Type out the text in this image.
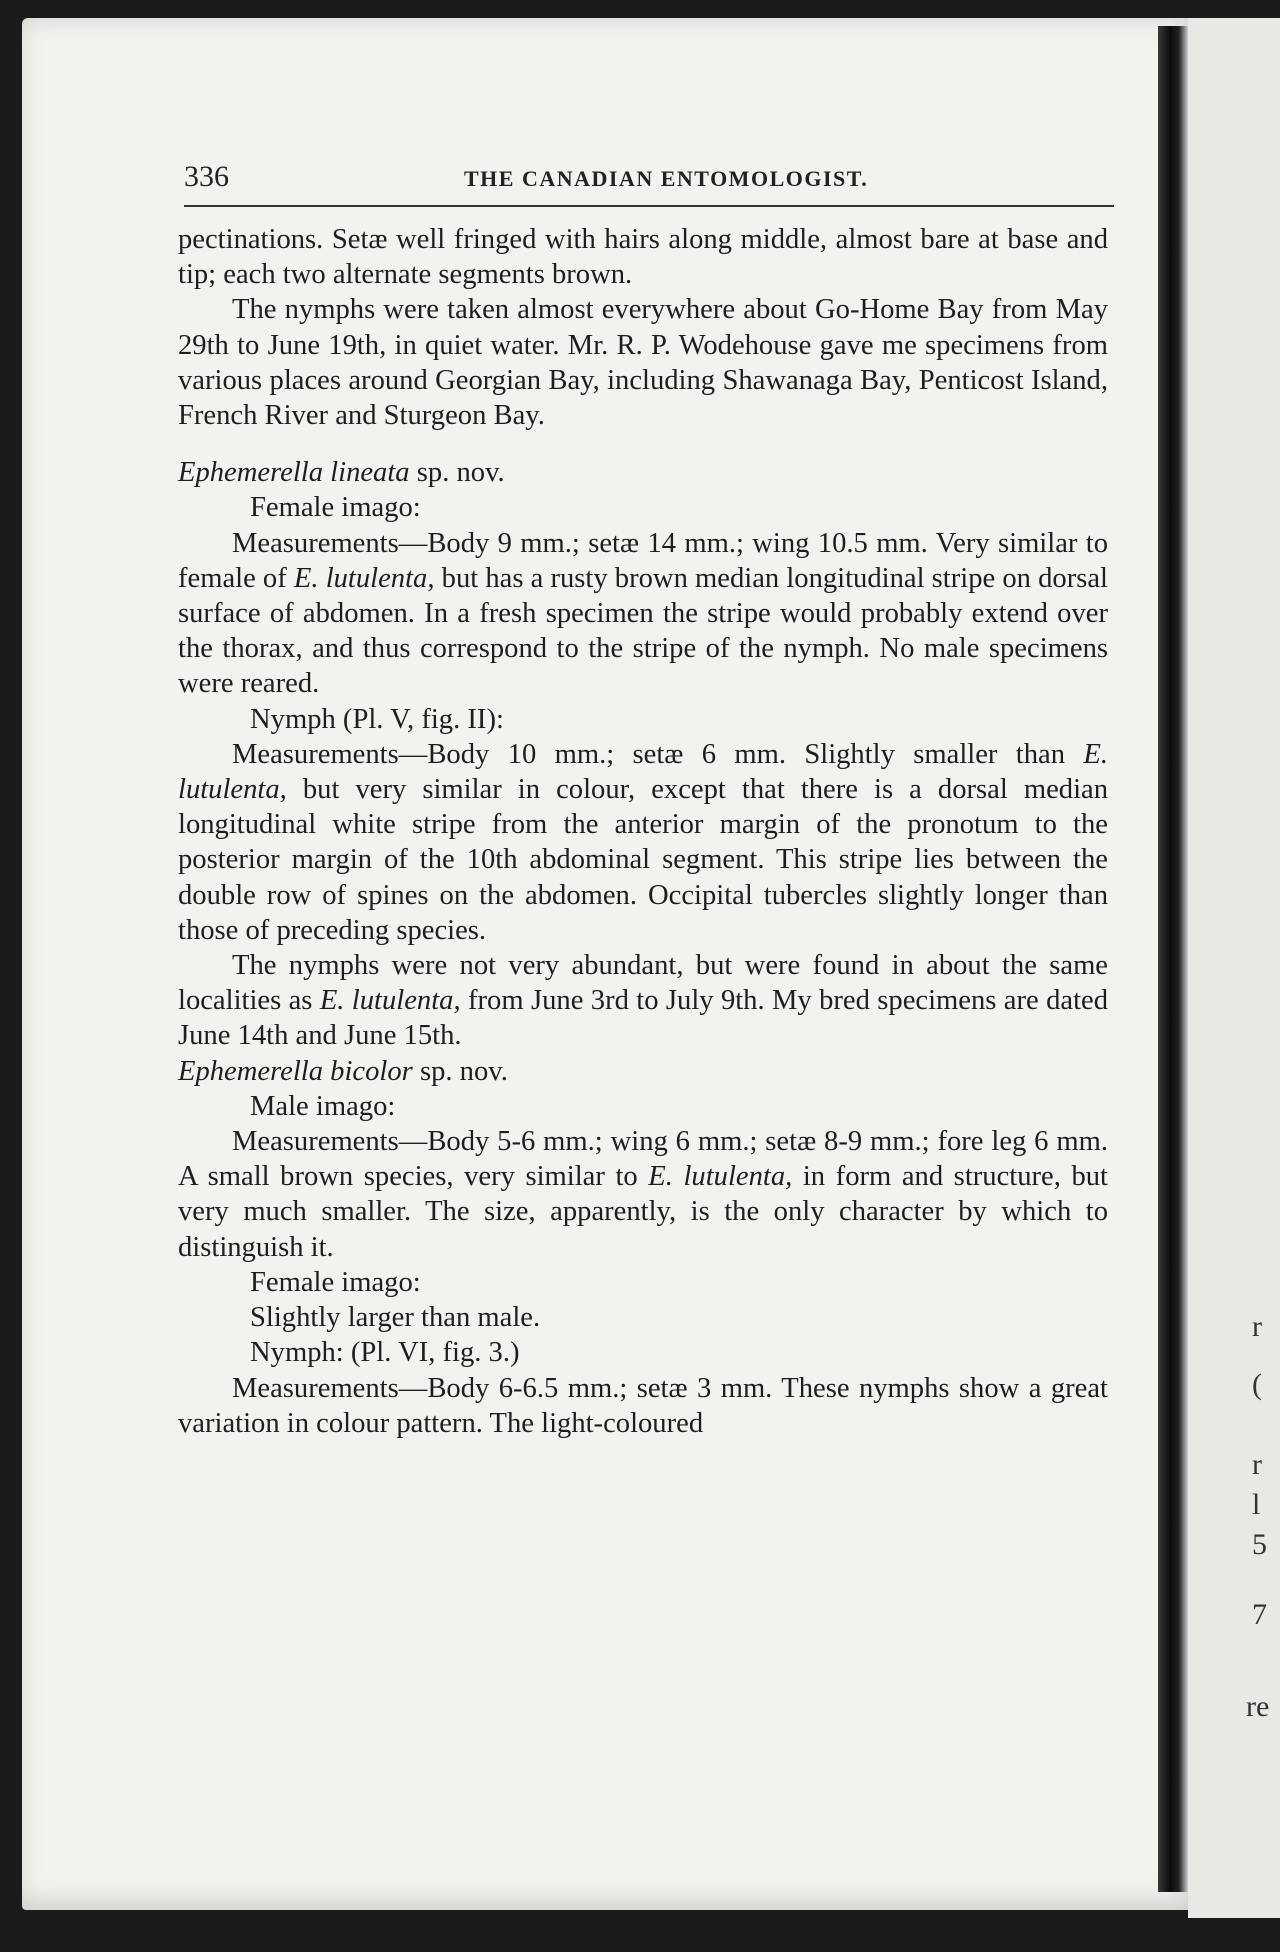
r
(
r
l
5
7
re
336	THE CANADIAN ENTOMOLOGIST.

pectinations. Setæ well fringed with hairs along middle, almost bare at base and tip; each two alternate segments brown.

The nymphs were taken almost everywhere about Go-Home Bay from May 29th to June 19th, in quiet water. Mr. R. P. Wodehouse gave me specimens from various places around Georgian Bay, including Shawanaga Bay, Penticost Island, French River and Sturgeon Bay.

Ephemerella lineata sp. nov.

Female imago:

Measurements—Body 9 mm.; setæ 14 mm.; wing 10.5 mm. Very similar to female of E. lutulenta, but has a rusty brown median longitudinal stripe on dorsal surface of abdomen. In a fresh specimen the stripe would probably extend over the thorax, and thus correspond to the stripe of the nymph. No male specimens were reared.

Nymph (Pl. V, fig. II):

Measurements—Body 10 mm.; setæ 6 mm. Slightly smaller than E. lutulenta, but very similar in colour, except that there is a dorsal median longitudinal white stripe from the anterior margin of the pronotum to the posterior margin of the 10th abdominal segment. This stripe lies between the double row of spines on the abdomen. Occipital tubercles slightly longer than those of preceding species.

The nymphs were not very abundant, but were found in about the same localities as E. lutulenta, from June 3rd to July 9th. My bred specimens are dated June 14th and June 15th.

Ephemerella bicolor sp. nov.

Male imago:

Measurements—Body 5-6 mm.; wing 6 mm.; setæ 8-9 mm.; fore leg 6 mm. A small brown species, very similar to E. lutulenta, in form and structure, but very much smaller. The size, apparently, is the only character by which to distinguish it.

Female imago:

Slightly larger than male.

Nymph: (Pl. VI, fig. 3.)

Measurements—Body 6-6.5 mm.; setæ 3 mm. These nymphs show a great variation in colour pattern. The light-coloured
